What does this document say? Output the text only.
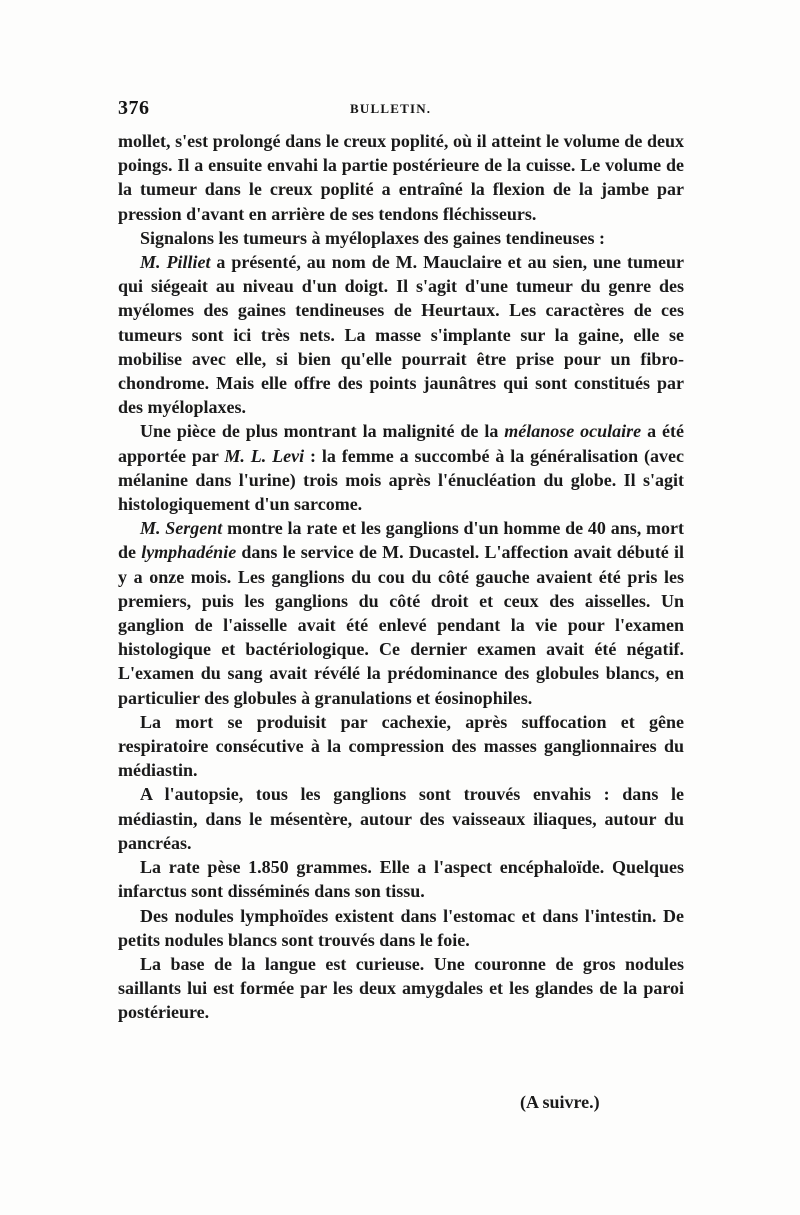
376	BULLETIN.

mollet, s'est prolongé dans le creux poplité, où il atteint le volume de deux poings. Il a ensuite envahi la partie postérieure de la cuisse. Le volume de la tumeur dans le creux poplité a entraîné la flexion de la jambe par pression d'avant en arrière de ses tendons fléchisseurs.

Signalons les tumeurs à myéloplaxes des gaines tendineuses :

M. Pilliet a présenté, au nom de M. Mauclaire et au sien, une tumeur qui siégeait au niveau d'un doigt. Il s'agit d'une tumeur du genre des myélomes des gaines tendineuses de Heurtaux. Les caractères de ces tumeurs sont ici très nets. La masse s'implante sur la gaine, elle se mobilise avec elle, si bien qu'elle pourrait être prise pour un fibro-chondrome. Mais elle offre des points jaunâtres qui sont constitués par des myéloplaxes.

Une pièce de plus montrant la malignité de la mélanose oculaire a été apportée par M. L. Levi : la femme a succombé à la généralisation (avec mélanine dans l'urine) trois mois après l'énucléation du globe. Il s'agit histologiquement d'un sarcome.

M. Sergent montre la rate et les ganglions d'un homme de 40 ans, mort de lymphadénie dans le service de M. Ducastel. L'affection avait débuté il y a onze mois. Les ganglions du cou du côté gauche avaient été pris les premiers, puis les ganglions du côté droit et ceux des aisselles. Un ganglion de l'aisselle avait été enlevé pendant la vie pour l'examen histologique et bactériologique. Ce dernier examen avait été négatif. L'examen du sang avait révélé la prédominance des globules blancs, en particulier des globules à granulations et éosinophiles.

La mort se produisit par cachexie, après suffocation et gêne respiratoire consécutive à la compression des masses ganglionnaires du médiastin.

A l'autopsie, tous les ganglions sont trouvés envahis : dans le médiastin, dans le mésentère, autour des vaisseaux iliaques, autour du pancréas.

La rate pèse 1.850 grammes. Elle a l'aspect encéphaloïde. Quelques infarctus sont disséminés dans son tissu.

Des nodules lymphoïdes existent dans l'estomac et dans l'intestin. De petits nodules blancs sont trouvés dans le foie.

La base de la langue est curieuse. Une couronne de gros nodules saillants lui est formée par les deux amygdales et les glandes de la paroi postérieure.

(A suivre.)
